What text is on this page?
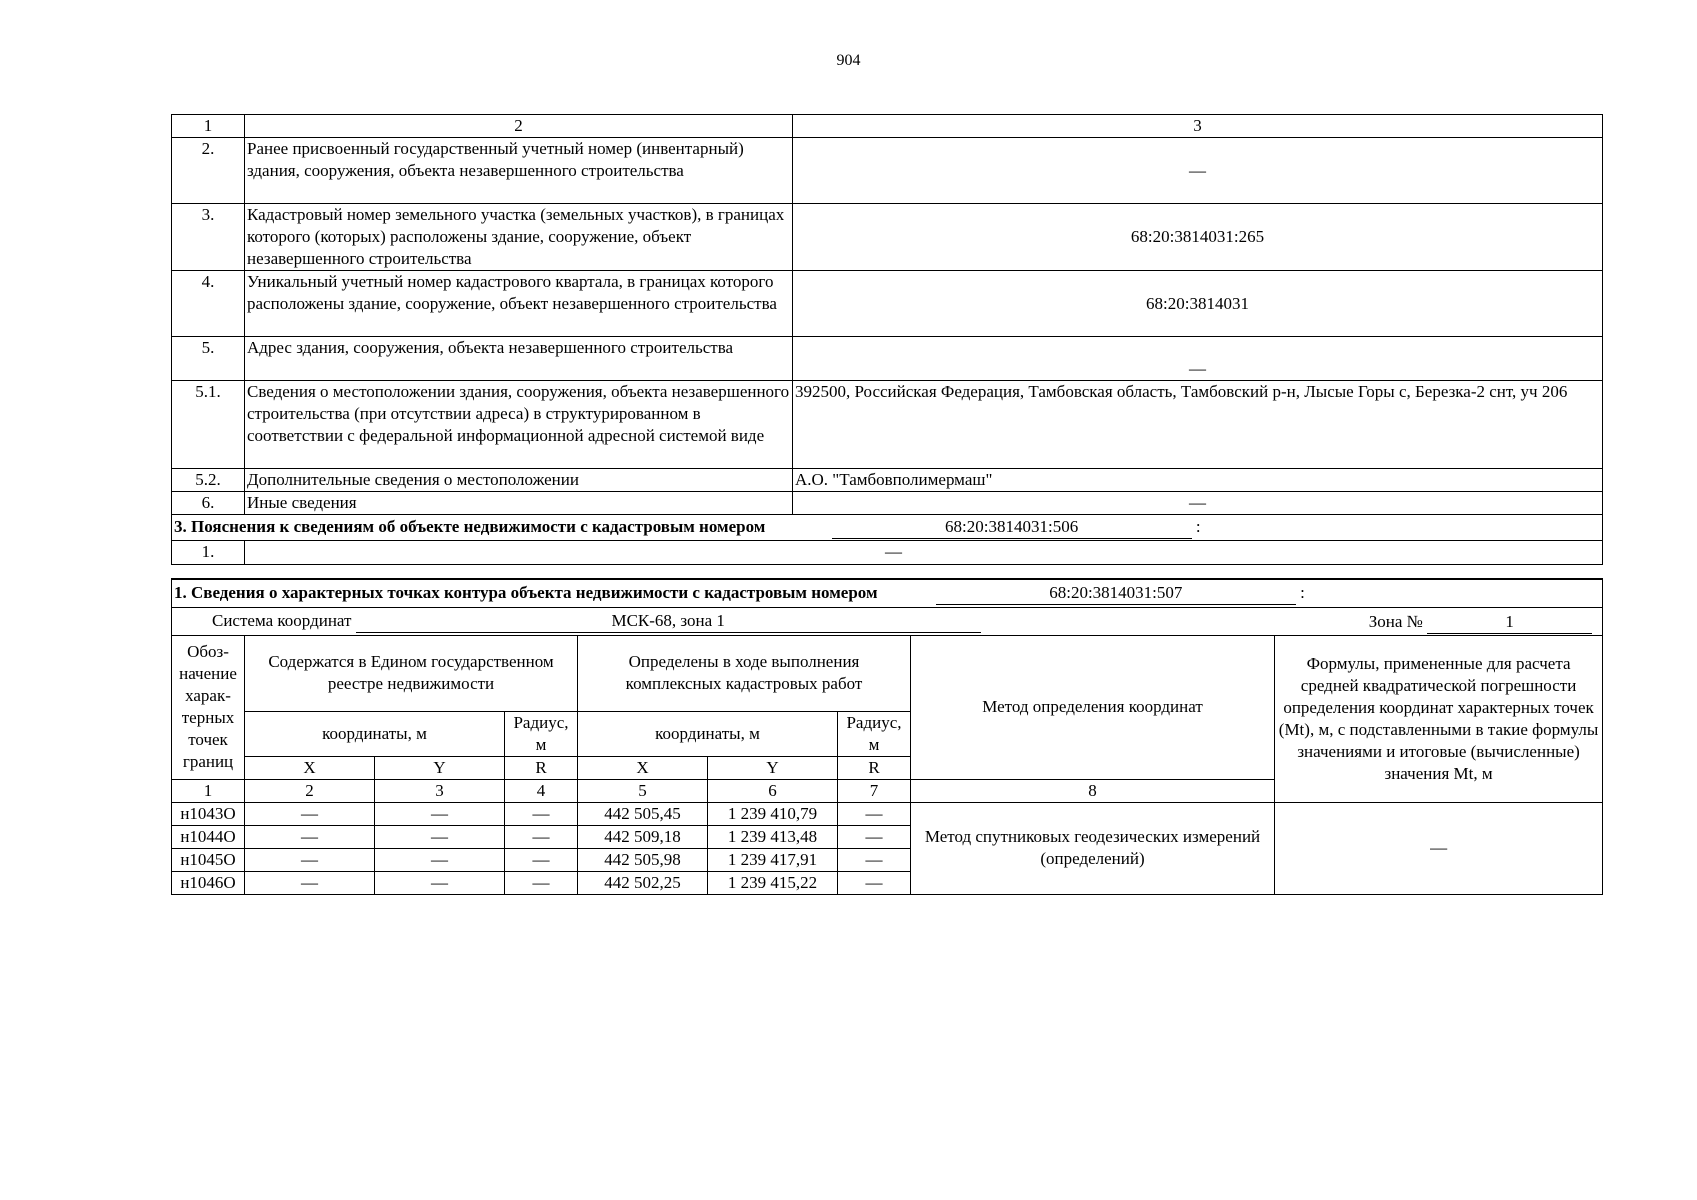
904
1	2	3
2.	Ранее присвоенный государственный учетный номер (инвентарный) здания, сооружения, объекта незавершенного строительства	—
3.	Кадастровый номер земельного участка (земельных участков), в границах которого (которых) расположены здание, сооружение, объект незавершенного строительства	68:20:3814031:265
4.	Уникальный учетный номер кадастрового квартала, в границах которого расположены здание, сооружение, объект незавершенного строительства	68:20:3814031
5.	Адрес здания, сооружения, объекта незавершенного строительства	—
5.1.	Сведения о местоположении здания, сооружения, объекта незавершенного строительства (при отсутствии адреса) в структурированном в соответствии с федеральной информационной адресной системой виде	392500, Российская Федерация, Тамбовская область, Тамбовский р-н, Лысые Горы с, Березка-2 снт, уч 206
5.2.	Дополнительные сведения о местоположении	А.О. "Тамбовполимермаш"
6.	Иные сведения	—
3. Пояснения к сведениям об объекте недвижимости с кадастровым номером 68:20:3814031:506 :		
1.	—	
1. Сведения о характерных точках контура объекта недвижимости с кадастровым номером 68:20:3814031:507 :								
Система координат МСК-68, зона 1 Зона № 1								

Обоз-начение харак-терных точек границ	Содержатся в Едином государственном реестре недвижимости			Определены в ходе выполнения комплексных кадастровых работ			Метод определения координат	Формулы, примененные для расчета средней квадратической погрешности определения координат характерных точек (Mt), м, с подставленными в такие формулы значениями и итоговые (вычисленные) значения Mt, м
	координаты, м		Радиус, м	координаты, м		Радиус, м		
	X	Y	R	X	Y	R		
1	2	3	4	5	6	7	8	
н1043О	—	—	—	442 505,45	1 239 410,79	—	Метод спутниковых геодезических измерений (определений)	—
н1044О	—	—	—	442 509,18	1 239 413,48	—		
н1045О	—	—	—	442 505,98	1 239 417,91	—		
н1046О	—	—	—	442 502,25	1 239 415,22	—		
